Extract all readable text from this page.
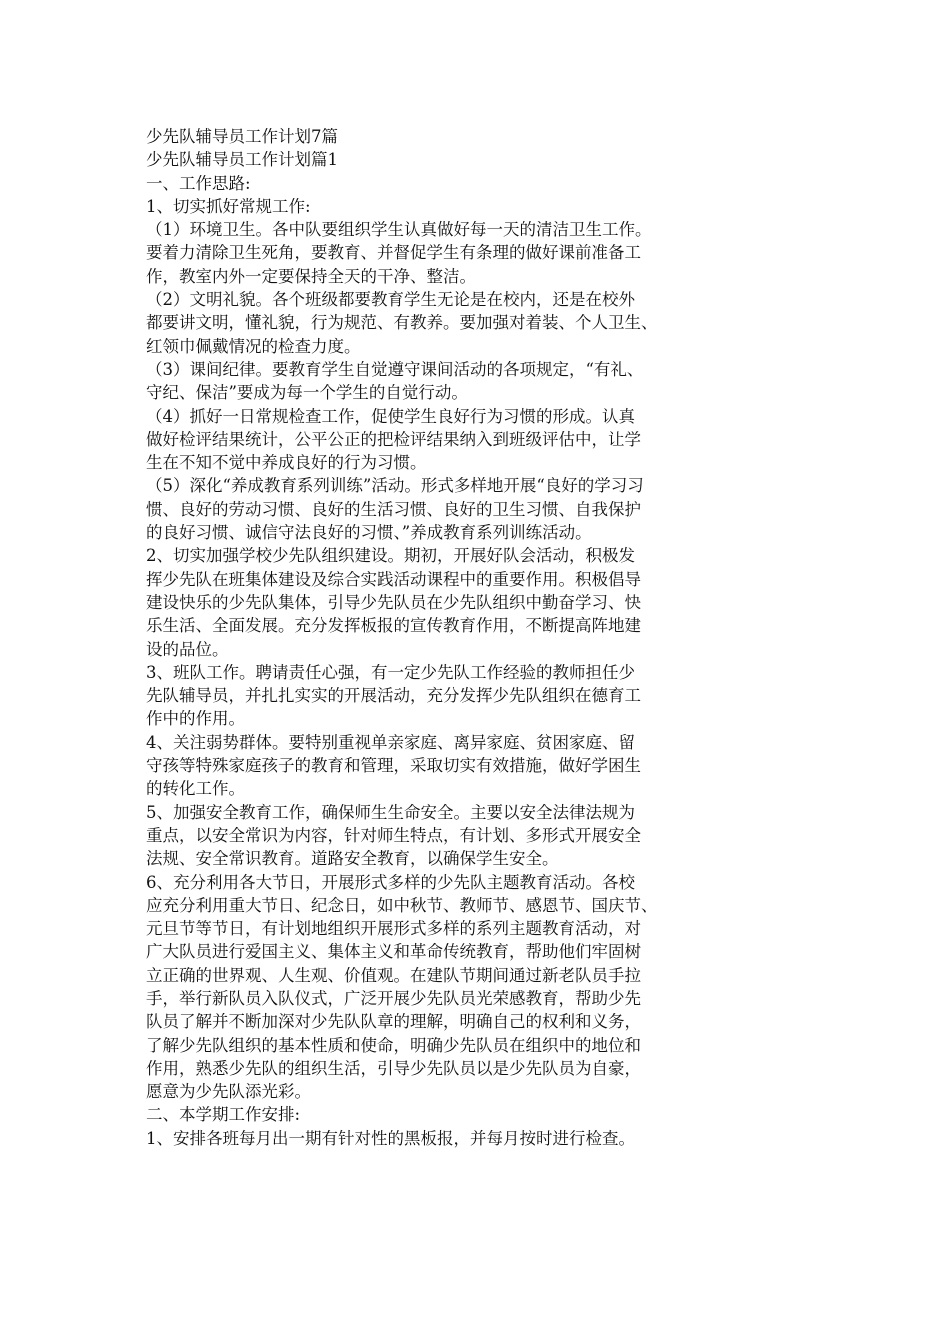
少先队辅导员工作计划7篇
少先队辅导员工作计划篇1
一、工作思路:
1、切实抓好常规工作:
（1）环境卫生。各中队要组织学生认真做好每一天的清洁卫生工作。
要着力清除卫生死角，要教育、并督促学生有条理的做好课前准备工
作，教室内外一定要保持全天的干净、整洁。
（2）文明礼貌。各个班级都要教育学生无论是在校内，还是在校外
都要讲文明，懂礼貌，行为规范、有教养。要加强对着装、个人卫生、
红领巾佩戴情况的检查力度。
（3）课间纪律。要教育学生自觉遵守课间活动的各项规定，“有礼、
守纪、保洁”要成为每一个学生的自觉行动。
（4）抓好一日常规检查工作，促使学生良好行为习惯的形成。认真
做好检评结果统计，公平公正的把检评结果纳入到班级评估中，让学
生在不知不觉中养成良好的行为习惯。
（5）深化“养成教育系列训练”活动。形式多样地开展“良好的学习习
惯、良好的劳动习惯、良好的生活习惯、良好的卫生习惯、自我保护
的良好习惯、诚信守法良好的习惯、”养成教育系列训练活动。
2、切实加强学校少先队组织建设。期初，开展好队会活动，积极发
挥少先队在班集体建设及综合实践活动课程中的重要作用。积极倡导
建设快乐的少先队集体，引导少先队员在少先队组织中勤奋学习、快
乐生活、全面发展。充分发挥板报的宣传教育作用，不断提高阵地建
设的品位。
3、班队工作。聘请责任心强，有一定少先队工作经验的教师担任少
先队辅导员，并扎扎实实的开展活动，充分发挥少先队组织在德育工
作中的作用。
4、关注弱势群体。要特别重视单亲家庭、离异家庭、贫困家庭、留
守孩等特殊家庭孩子的教育和管理，采取切实有效措施，做好学困生
的转化工作。
5、加强安全教育工作，确保师生生命安全。主要以安全法律法规为
重点，以安全常识为内容，针对师生特点，有计划、多形式开展安全
法规、安全常识教育。道路安全教育，以确保学生安全。
6、充分利用各大节日，开展形式多样的少先队主题教育活动。各校
应充分利用重大节日、纪念日，如中秋节、教师节、感恩节、国庆节、
元旦节等节日，有计划地组织开展形式多样的系列主题教育活动，对
广大队员进行爱国主义、集体主义和革命传统教育，帮助他们牢固树
立正确的世界观、人生观、价值观。在建队节期间通过新老队员手拉
手，举行新队员入队仪式，广泛开展少先队员光荣感教育，帮助少先
队员了解并不断加深对少先队队章的理解，明确自己的权利和义务，
了解少先队组织的基本性质和使命，明确少先队员在组织中的地位和
作用，熟悉少先队的组织生活，引导少先队员以是少先队员为自豪，
愿意为少先队添光彩。
二、本学期工作安排:
1、安排各班每月出一期有针对性的黑板报，并每月按时进行检查。
